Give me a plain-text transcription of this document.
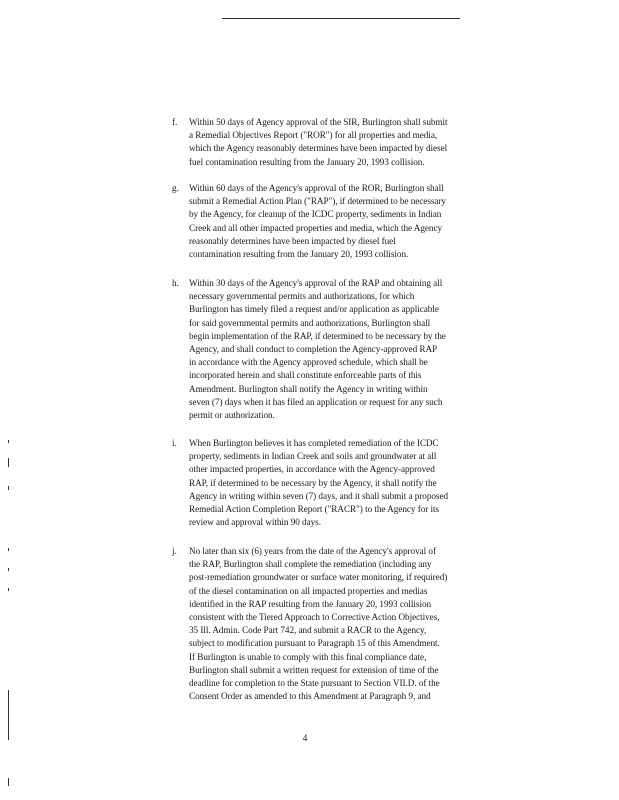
f.	Within 50 days of Agency approval of the SIR, Burlington shall submit
a Remedial Objectives Report ("ROR") for all properties and media,
which the Agency reasonably determines have been impacted by diesel
fuel contamination resulting from the January 20, 1993 collision.
g.	Within 60 days of the Agency's approval of the ROR, Burlington shall
submit a Remedial Action Plan ("RAP"), if determined to be necessary
by the Agency, for cleanup of the ICDC property, sediments in Indian
Creek and all other impacted properties and media, which the Agency
reasonably determines have been impacted by diesel fuel
contamination resulting from the January 20, 1993 collision.
h.	Within 30 days of the Agency's approval of the RAP and obtaining all
necessary governmental permits and authorizations, for which
Burlington has timely filed a request and/or application as applicable
for said governmental permits and authorizations, Burlington shall
begin implementation of the RAP, if determined to be necessary by the
Agency, and shall conduct to completion the Agency-approved RAP
in accordance with the Agency approved schedule, which shall be
incorporated herein and shall constitute enforceable parts of this
Amendment. Burlington shall notify the Agency in writing within
seven (7) days when it has filed an application or request for any such
permit or authorization.
i.	When Burlington believes it has completed remediation of the ICDC
property, sediments in Indian Creek and soils and groundwater at all
other impacted properties, in accordance with the Agency-approved
RAP, if determined to be necessary by the Agency, it shall notify the
Agency in writing within seven (7) days, and it shall submit a proposed
Remedial Action Completion Report ("RACR") to the Agency for its
review and approval within 90 days.
j.	No later than six (6) years from the date of the Agency's approval of
the RAP, Burlington shall complete the remediation (including any
post-remediation groundwater or surface water monitoring, if required)
of the diesel contamination on all impacted properties and medias
identified in the RAP resulting from the January 20, 1993 collision
consistent with the Tiered Approach to Corrective Action Objectives,
35 Ill. Admin. Code Part 742, and submit a RACR to the Agency,
subject to modification pursuant to Paragraph 15 of this Amendment.
If Burlington is unable to comply with this final compliance date,
Burlington shall submit a written request for extension of time of the
deadline for completion to the State pursuant to Section VII.D. of the
Consent Order as amended to this Amendment at Paragraph 9, and
4
